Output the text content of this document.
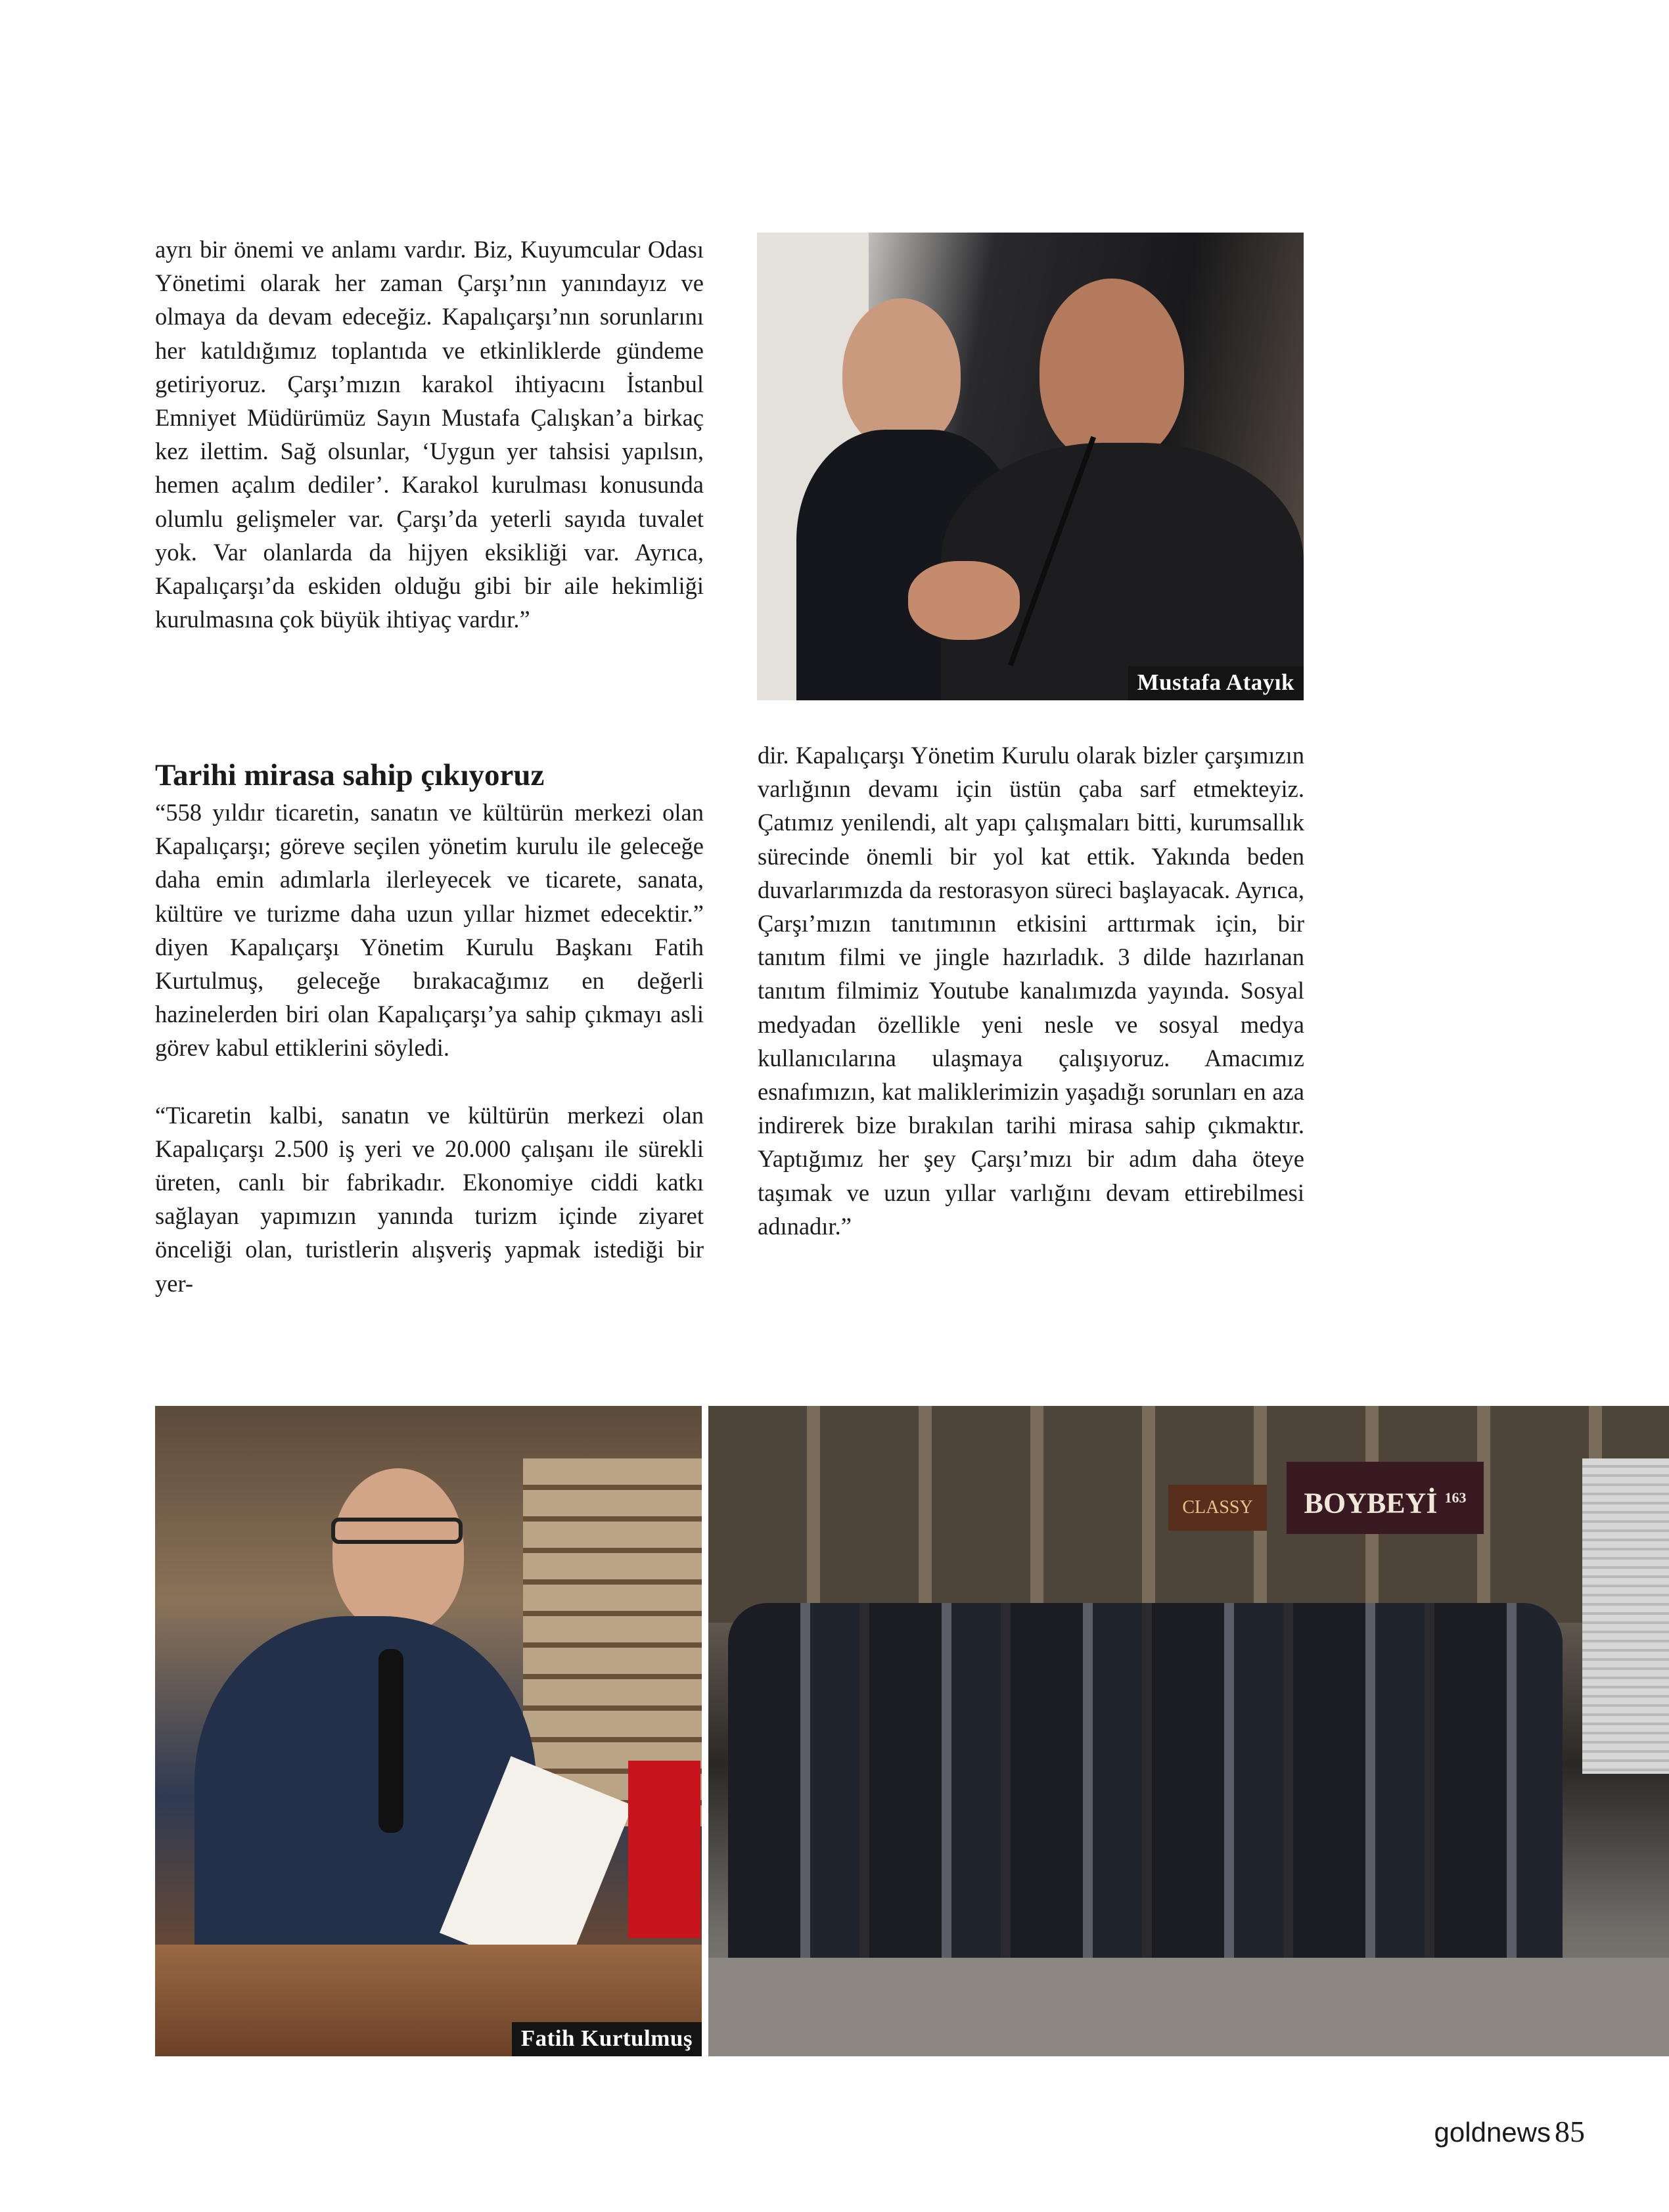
ayrı bir önemi ve anlamı vardır. Biz, Kuyumcular Odası Yönetimi olarak her zaman Çarşı’nın yanındayız ve olmaya da devam edeceğiz. Kapalıçarşı’nın sorunlarını her katıldığımız toplantıda ve etkinliklerde gündeme getiriyoruz. Çarşı’mızın karakol ihtiyacını İstanbul Emniyet Müdürümüz Sayın Mustafa Çalışkan’a birkaç kez ilettim. Sağ olsunlar, ‘Uygun yer tahsisi yapılsın, hemen açalım dediler’. Karakol kurulması konusunda olumlu gelişmeler var. Çarşı’da yeterli sayıda tuvalet yok. Var olanlarda da hijyen eksikliği var. Ayrıca, Kapalıçarşı’da eskiden olduğu gibi bir aile hekimliği kurulmasına çok büyük ihtiyaç vardır.”

Tarihi mirasa sahip çıkıyoruz

“558 yıldır ticaretin, sanatın ve kültürün merkezi olan Kapalıçarşı; göreve seçilen yönetim kurulu ile geleceğe daha emin adımlarla ilerleyecek ve ticarete, sanata, kültüre ve turizme daha uzun yıllar hizmet edecektir.” diyen Kapalıçarşı Yönetim Kurulu Başkanı Fatih Kurtulmuş, geleceğe bırakacağımız en değerli hazinelerden biri olan Kapalıçarşı’ya sahip çıkmayı asli görev kabul ettiklerini söyledi.

“Ticaretin kalbi, sanatın ve kültürün merkezi olan Kapalıçarşı 2.500 iş yeri ve 20.000 çalışanı ile sürekli üreten, canlı bir fabrikadır. Ekonomiye ciddi katkı sağlayan yapımızın yanında turizm içinde ziyaret önceliği olan, turistlerin alışveriş yapmak istediği bir yer-

dir. Kapalıçarşı Yönetim Kurulu olarak bizler çarşımızın varlığının devamı için üstün çaba sarf etmekteyiz. Çatımız yenilendi, alt yapı çalışmaları bitti, kurumsallık sürecinde önemli bir yol kat ettik. Yakında beden duvarlarımızda da restorasyon süreci başlayacak. Ayrıca, Çarşı’mızın tanıtımının etkisini arttırmak için, bir tanıtım filmi ve jingle hazırladık. 3 dilde hazırlanan tanıtım filmimiz Youtube kanalımızda yayında. Sosyal medyadan özellikle yeni nesle ve sosyal medya kullanıcılarına ulaşmaya çalışıyoruz. Amacımız esnafımızın, kat maliklerimizin yaşadığı sorunları en aza indirerek bize bırakılan tarihi mirasa sahip çıkmaktır. Yaptığımız her şey Çarşı’mızı bir adım daha öteye taşımak ve uzun yıllar varlığını devam ettirebilmesi adınadır.”

Mustafa Atayık
Fatih Kurtulmuş
BOYBEYİ $^{163}$
CLASSY
goldnews 85
